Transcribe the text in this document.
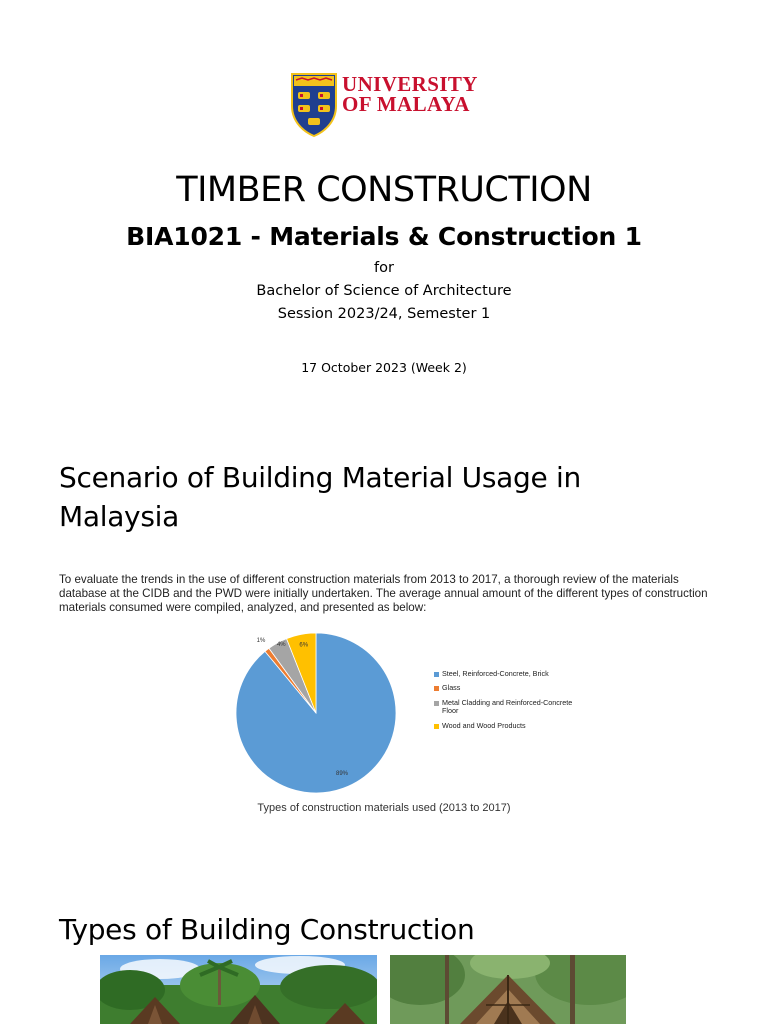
UNIVERSITY
OF MALAYA
TIMBER CONSTRUCTION
BIA1021 - Materials & Construction 1
for
Bachelor of Science of Architecture
Session 2023/24, Semester 1
17 October 2023 (Week 2)
Scenario of Building Material Usage in Malaysia
To evaluate the trends in the use of different construction materials from 2013 to 2017, a thorough review of the materials database at the CIDB and the PWD were initially undertaken. The average annual amount of the different types of construction materials consumed were compiled, analyzed, and presented as below:
89%
1%
4% 6%
Steel, Reinforced-Concrete, Brick
Glass
Metal Cladding and Reinforced-Concrete Floor
Wood and Wood Products
Types of construction materials used (2013 to 2017)
Types of Building Construction
